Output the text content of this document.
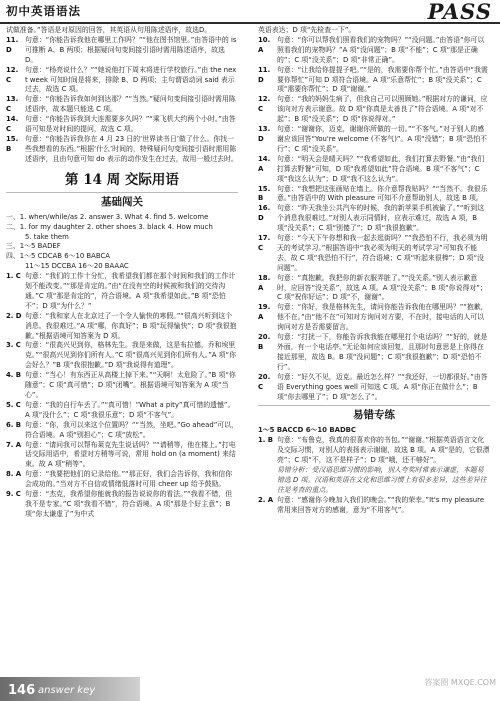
初中英语语法	PASS

试做准备。”答语是对原因的回答，其英语从句用陈述语序，故选D。

11. D
句意：“你能告诉我他在哪里工作吗？”“他在图书馆里。”由答语中的 is 可推断 A、B 两项；根据疑问句变间接引语时需用陈述语序，故选 D。
12. C
句意：“杨亮说什么？”“她说他打下周末将进行学校旅行。”由 the next week 可知时间是将来，排除 B、D 两项；主句谓语动词 said 表示过去，故选 C 项。
13. C
句意：“你能告诉我如何到达那？”“当然。”疑问句变间接引语时需用陈述语序，故本题只能选 C 项。
14. C
句意：“你能告诉我到大连需要多久吗？”“乘飞机大约两个小时。”由答语可知是对时间的提问，故选 C 项。
15. B
句意：“你能告诉我你在 4 月 23 日的‘世界读书日’做了什么。你找一些我想看的东西。”根据‘什么’时间的，特殊疑问句变间接引语时需用陈述语序，且由句意可知 do 表示的动作发生在过去，故用一般过去时。
第 14 周 交际用语
基础闯关

一、1. when/while/as 2. answer 3. What 4. find 5. welcome

二、1. for my daughter 2. other shoes 3. black 4. How much

5. take them

三、1～5 BADEF

四、1～5 CDCAB 6～10 BABCA

11～15 DCCBA 16～20 BAAAC

1. C 句意：“我们的工作十分忙，我希望我们都在那个时间和我们的工作计划不能改变。”“那是肯定的。”由“在没有空的时候被和我们的交待沟通。”C 项“那是肯定的”，符合语境。A 项“我希望如此。”B 项“恐怕不”；D 项“为什么？”
2. D 句意：“我和家人在北京过了一个令人愉快的寒假。”“很高兴听到这个消息。我很难过。”A 项“哪，你真好”；B 项“玩得愉快”；D 项“我很抱歉。”根据语境可知答案为 D 项。
3. C 句意：“很高兴见到你，格林先生。我是来做，这是布拉德，乔和埃里克。”“很高兴见到你们所有人。”C 项“很高兴见到你们所有人。”A 项“你会好么？”B 项“我很抱歉。”D 项“我说得有道理”。
4. B 句意：“当心！有东西正从高楼上掉下来。”“天啊！太危险了。”B 项“你随意”；C 项“真可惜”；D 项“闭嘴”。根据语境可知答案为 A 项“当心”。
5. C 句意：“我的自行车丢了。”“真可惜！”What a pity”真可惜的遗憾”。A 项“没什么”；C 项“我很乐意”；D 项“不客气”。
6. B 句意：“你，我可以来这个位置吗？”“当然，坐吧。”Go ahead”可以，符合语境。A 项“别担心”；C 项“放松”。
7. A 句意：“请问我可以帮布莱克先生说话吗？”“请稍等，他在楼上。”打电话交际用语中，希望对方稍等可说，常用 hold on (a moment) 来结束。故 A 项“稍等”。
8. A 句意：“我要把他们的记录给他。”“那正好，我们会告诉你，我和信你会成功的。”当对方不自信或情绪低落时可用 cheer up 给予鼓励。
9. C 句意：“杰克，我希望你能就我的报告说说你的看法。”“我看不错，但我不是专家。”C 项“我看不错”，符合语境。A 项“那是个好主意”；B 项“你太谦虚了”为中式

英语表达；D 项“先检查一下”。

10. A
句意：“你可以帮我们照看我们的宠物吗？”“没问题。”由答语“你可以照看我们的宠物吗？”A 项“没问题”；B 项“不能”；C 项“那是正确的”；C 项“没关系”；D 项“非常正确”。
11. D
句意：“让我给你提提子吧。”“是的，我需要你帮个忙。”由答语中“我需要你帮忙”可知 D 项符合语境。A 项“乐意帮忙”；B 项“没关系”；C 项“需要你帮忙”；D 项“谢谢。”
12. C
句意：“我的妈妈生病了，但我自己可以照顾她。”根据对方的谦词，应该向对方表示谢意。故 D 项“你真是太善良了”符合语境。A 项“对不起”；B 项“没关系”；D 项“你说得对。”
13. D
句意：“谢谢你，迈克，谢谢你所做的一切。”“不客气。”对于别人的感谢应该回答“You're welcome (不客气)”。A 项“没错”；B 项“恐怕不行”；C 项“没关系”。
14. A
句意：“明天会是晴天吗？”“我希望如此，我们打算去野餐。”由“我们打算去野餐”可知，D 项“我希望如此”符合语境。B 项“不客气”；C 项“我这么认为”；D 项“我不这么认为”。
15. B
句意：“我想把这张画贴在墙上。你介意帮我贴吗？”“当然不。我很乐意。”由答语中的 With pleasure 可知不介意帮助别人，故选 B 项。
16. D
句意：“昨天我坐公共汽车的时候，我的新苹果手机被偷了。”“听到这个消息我很难过。”对别人表示同情时，应表示难过，故选 A 项，B 项“没关系”；C 项“别傻了”；D 项“我很抱歉”。
17. C
句意：“今天下午你想和我一起去逛街吗？”“我恐怕不行，我必须为明天的考试学习。”根据答语中“我必须为明天的考试学习”可知我不能去，故 C 项“我恐怕不行”，符合语境；C 项“听起来很棒”；D 项“没问题”。
18. A
句意：“真抱歉。我把你的新衣服弄脏了。”“没关系。”别人表示歉意时，应回答“没关系”，故选 A 项。A 项“没关系”；B 项“你说得对”；C 项“祝你好运”；D 项“不，谢谢”。
19. A
句意：“你好，我是格林先生，请问你能告诉我他在哪里吗？”“抱歉，他不在。”由“他不在”可知对方询问对方要，不在时，接电话的人可以询问对方是否需要留言。
20. B
句意：“打扰一下，你能告诉我我能在哪里打个电话吗？”“好的，就是外面，有一个电话亭。”无论如何应该回复，且那时句意思是上你得在接近那里，故选 B。B 项“没问题”；C 项“我很抱歉”；D 项“恐怕不行”。
20. C
句意：“好久不见，迈克。最近怎么样？”“我还好，一切都很好。”由答语 Everything goes well 可知选 C 项。A 项“你正在做什么”；B 项“你去哪里了”；D 项“怎么了”。
易错专练

1～5 BACCD 6～10 BADBC

1. B 句意：“布鲁克，我真的很喜欢你的书包。”“谢谢。”根据英语语言文化及交际习惯，对别人的表扬表示谢谢，故选 B 项。A 项“是的，它很漂亮”；C 项“不，这不是样子”；D 项“哦，还不够好”。
易错分析：受汉语思维习惯的影响，别人夸奖时常表示谦虚，本题易错选 D 项。汉语和英语在文化和思维习惯上有很多差异，这些差异往往是考查的重点。
2. A 句意：“感谢你今晚加入我们的晚会。”“我的荣幸。”It's my pleasure 常用来回答对方的感谢，意为“不用客气”。
146 answer key
答案圈 MXQE.COM
